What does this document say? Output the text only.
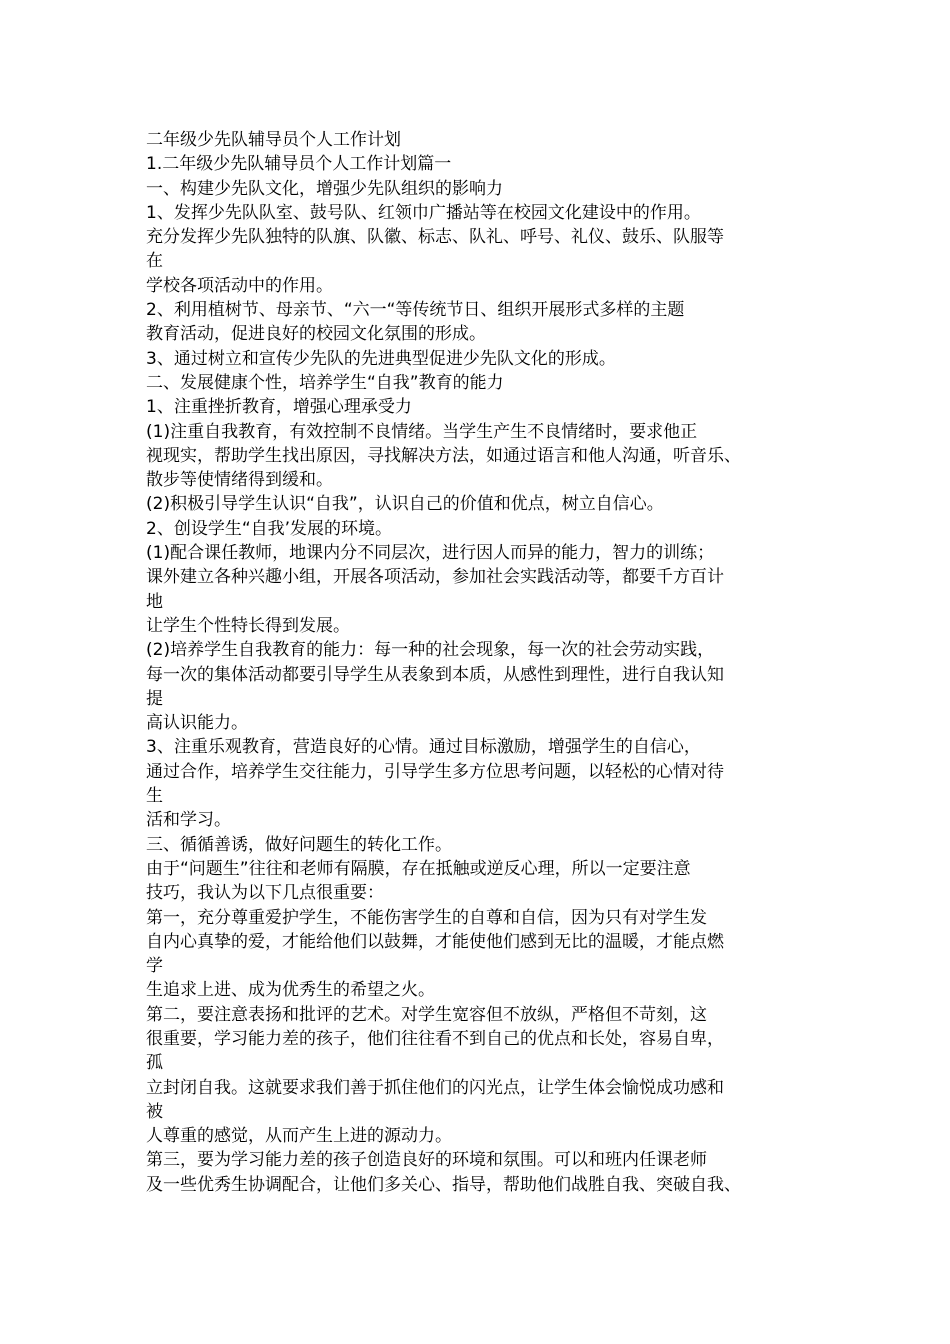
二年级少先队辅导员个人工作计划
1.二年级少先队辅导员个人工作计划篇一
一、构建少先队文化，增强少先队组织的影响力
1、发挥少先队队室、鼓号队、红领巾广播站等在校园文化建设中的作用。
充分发挥少先队独特的队旗、队徽、标志、队礼、呼号、礼仪、鼓乐、队服等
在
学校各项活动中的作用。
2、利用植树节、母亲节、“六一“等传统节日、组织开展形式多样的主题
教育活动，促进良好的校园文化氛围的形成。
3、通过树立和宣传少先队的先进典型促进少先队文化的形成。
二、发展健康个性，培养学生“自我”教育的能力
1、注重挫折教育，增强心理承受力
(1)注重自我教育，有效控制不良情绪。当学生产生不良情绪时，要求他正
视现实，帮助学生找出原因，寻找解决方法，如通过语言和他人沟通，听音乐、
散步等使情绪得到缓和。
(2)积极引导学生认识“自我”，认识自己的价值和优点，树立自信心。
2、创设学生“自我’发展的环境。
(1)配合课任教师，地课内分不同层次，进行因人而异的能力，智力的训练；
课外建立各种兴趣小组，开展各项活动，参加社会实践活动等，都要千方百计
地
让学生个性特长得到发展。
(2)培养学生自我教育的能力：每一种的社会现象，每一次的社会劳动实践，
每一次的集体活动都要引导学生从表象到本质，从感性到理性，进行自我认知
提
高认识能力。
3、注重乐观教育，营造良好的心情。通过目标激励，增强学生的自信心，
通过合作，培养学生交往能力，引导学生多方位思考问题，以轻松的心情对待
生
活和学习。
三、循循善诱，做好问题生的转化工作。
由于“问题生”往往和老师有隔膜，存在抵触或逆反心理，所以一定要注意
技巧，我认为以下几点很重要：
第一，充分尊重爱护学生，不能伤害学生的自尊和自信，因为只有对学生发
自内心真挚的爱，才能给他们以鼓舞，才能使他们感到无比的温暖，才能点燃
学
生追求上进、成为优秀生的希望之火。
第二，要注意表扬和批评的艺术。对学生宽容但不放纵，严格但不苛刻，这
很重要，学习能力差的孩子，他们往往看不到自己的优点和长处，容易自卑，
孤
立封闭自我。这就要求我们善于抓住他们的闪光点，让学生体会愉悦成功感和
被
人尊重的感觉，从而产生上进的源动力。
第三，要为学习能力差的孩子创造良好的环境和氛围。可以和班内任课老师
及一些优秀生协调配合，让他们多关心、指导，帮助他们战胜自我、突破自我、
